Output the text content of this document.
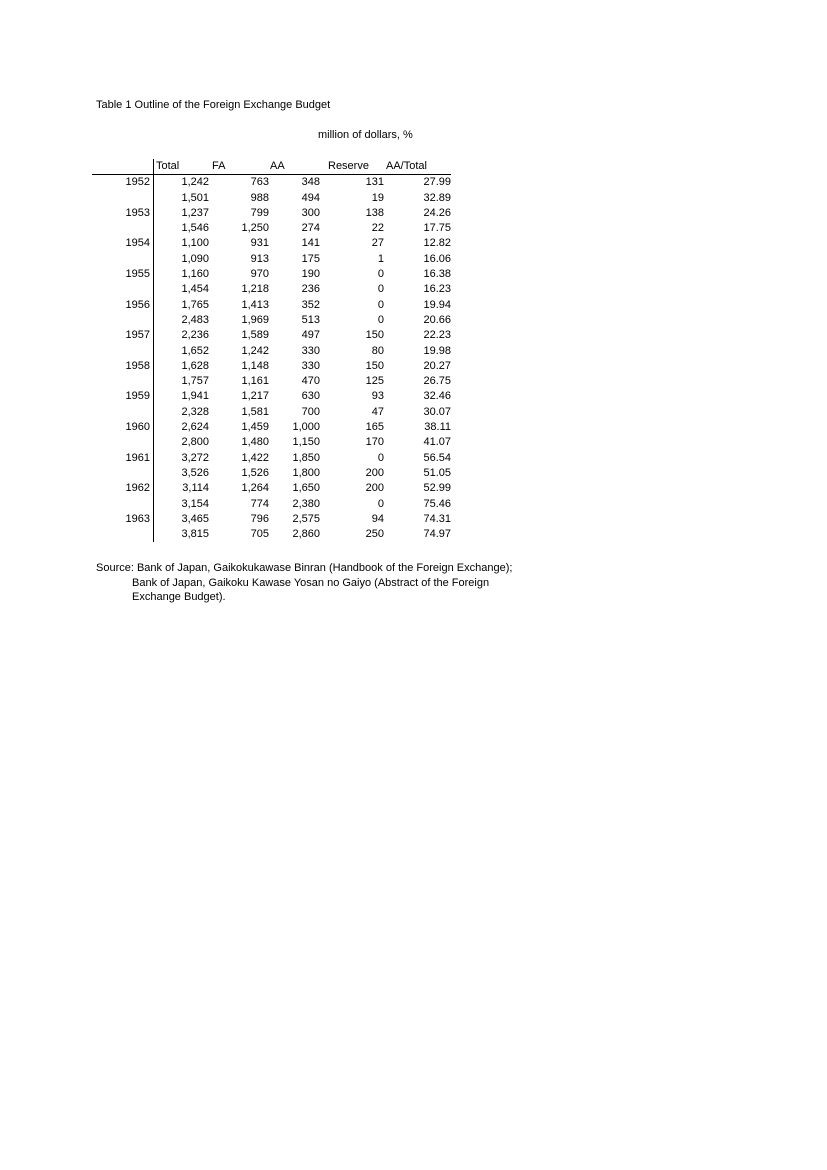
Table 1 Outline of the Foreign Exchange Budget
million of dollars, %
	Total	FA	AA	Reserve	AA/Total
1952	1,242	763	348	131	27.99
	1,501	988	494	19	32.89
1953	1,237	799	300	138	24.26
	1,546	1,250	274	22	17.75
1954	1,100	931	141	27	12.82
	1,090	913	175	1	16.06
1955	1,160	970	190	0	16.38
	1,454	1,218	236	0	16.23
1956	1,765	1,413	352	0	19.94
	2,483	1,969	513	0	20.66
1957	2,236	1,589	497	150	22.23
	1,652	1,242	330	80	19.98
1958	1,628	1,148	330	150	20.27
	1,757	1,161	470	125	26.75
1959	1,941	1,217	630	93	32.46
	2,328	1,581	700	47	30.07
1960	2,624	1,459	1,000	165	38.11
	2,800	1,480	1,150	170	41.07
1961	3,272	1,422	1,850	0	56.54
	3,526	1,526	1,800	200	51.05
1962	3,114	1,264	1,650	200	52.99
	3,154	774	2,380	0	75.46
1963	3,465	796	2,575	94	74.31
	3,815	705	2,860	250	74.97
Source: Bank of Japan, Gaikokukawase Binran (Handbook of the Foreign Exchange);
Bank of Japan, Gaikoku Kawase Yosan no Gaiyo (Abstract of the Foreign
Exchange Budget).
